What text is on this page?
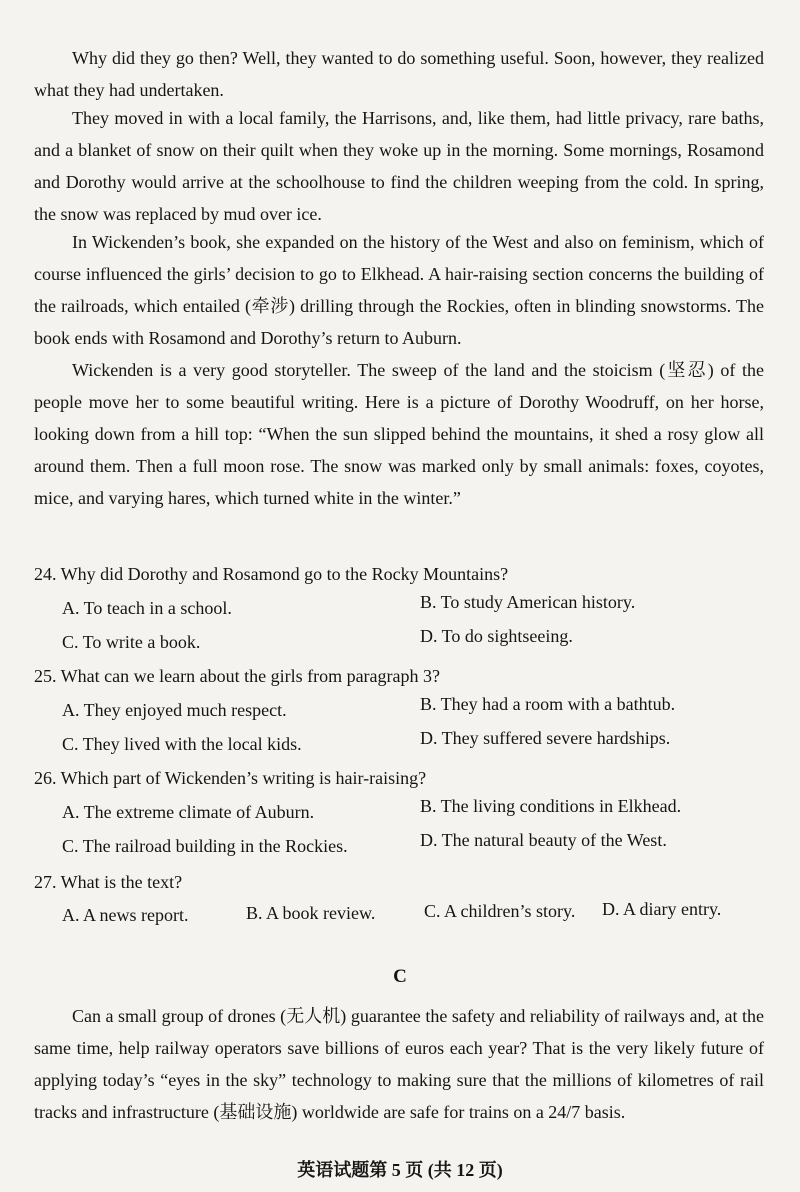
Why did they go then? Well, they wanted to do something useful. Soon, however, they realized what they had undertaken.

They moved in with a local family, the Harrisons, and, like them, had little privacy, rare baths, and a blanket of snow on their quilt when they woke up in the morning. Some mornings, Rosamond and Dorothy would arrive at the schoolhouse to find the children weeping from the cold. In spring, the snow was replaced by mud over ice.

In Wickenden’s book, she expanded on the history of the West and also on feminism, which of course influenced the girls’ decision to go to Elkhead. A hair-raising section concerns the building of the railroads, which entailed (牵涉) drilling through the Rockies, often in blinding snowstorms. The book ends with Rosamond and Dorothy’s return to Auburn.

Wickenden is a very good storyteller. The sweep of the land and the stoicism (坚忍) of the people move her to some beautiful writing. Here is a picture of Dorothy Woodruff, on her horse, looking down from a hill top: “When the sun slipped behind the mountains, it shed a rosy glow all around them. Then a full moon rose. The snow was marked only by small animals: foxes, coyotes, mice, and varying hares, which turned white in the winter.”

24. Why did Dorothy and Rosamond go to the Rocky Mountains?
A. To teach in a school.	B. To study American history.
C. To write a book.	D. To do sightseeing.
25. What can we learn about the girls from paragraph 3?
A. They enjoyed much respect.	B. They had a room with a bathtub.
C. They lived with the local kids.	D. They suffered severe hardships.
26. Which part of Wickenden’s writing is hair-raising?
A. The extreme climate of Auburn.	B. The living conditions in Elkhead.
C. The railroad building in the Rockies.	D. The natural beauty of the West.
27. What is the text?
A. A news report.	B. A book review.	C. A children’s story. D. A diary entry.
C

Can a small group of drones (无人机) guarantee the safety and reliability of railways and, at the same time, help railway operators save billions of euros each year? That is the very likely future of applying today’s “eyes in the sky” technology to making sure that the millions of kilometres of rail tracks and infrastructure (基础设施) worldwide are safe for trains on a 24/7 basis.

英语试题第 5 页 (共 12 页)
